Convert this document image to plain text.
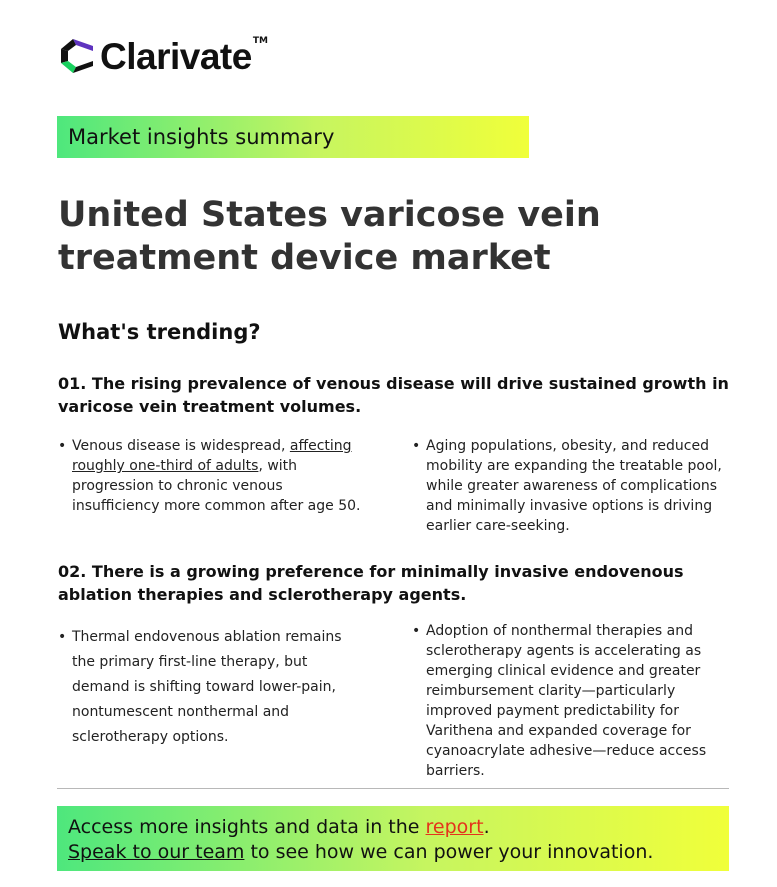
Clarivate TM
Market insights summary
United States varicose vein treatment device market
What's trending?
01. The rising prevalence of venous disease will drive sustained growth in varicose vein treatment volumes.
• Venous disease is widespread, affecting roughly one-third of adults, with progression to chronic venous insufficiency more common after age 50.
• Aging populations, obesity, and reduced mobility are expanding the treatable pool, while greater awareness of complications and minimally invasive options is driving earlier care-seeking.
02. There is a growing preference for minimally invasive endovenous ablation therapies and sclerotherapy agents.
• Thermal endovenous ablation remains the primary first-line therapy, but demand is shifting toward lower-pain, nontumescent nonthermal and sclerotherapy options.
• Adoption of nonthermal therapies and sclerotherapy agents is accelerating as emerging clinical evidence and greater reimbursement clarity—particularly improved payment predictability for Varithena and expanded coverage for cyanoacrylate adhesive—reduce access barriers.
Access more insights and data in the report.
Speak to our team to see how we can power your innovation.
